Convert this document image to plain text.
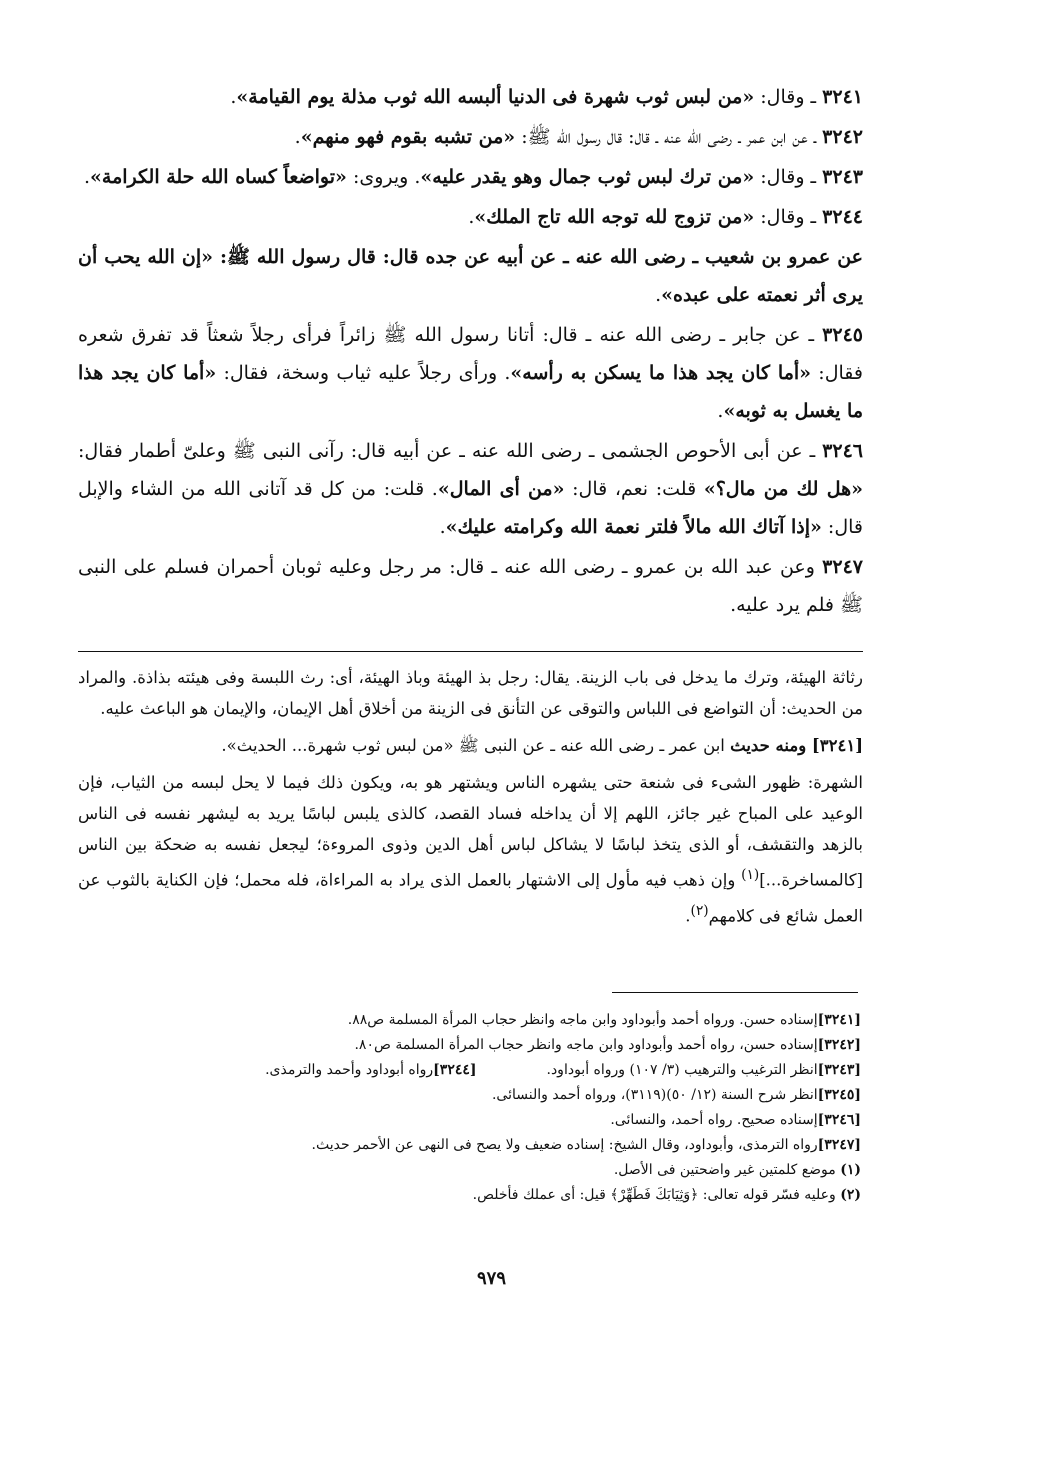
٣٢٤١ ـ وقال: «من لبس ثوب شهرة فى الدنيا ألبسه الله ثوب مذلة يوم القيامة».

٣٢٤٢ ـ عن ابن عمر ـ رضى الله عنه ـ قال: قال رسول الله ﷺ: «من تشبه بقوم فهو منهم».

٣٢٤٣ ـ وقال: «من ترك لبس ثوب جمال وهو يقدر عليه». ويروى: «تواضعاً كساه الله حلة الكرامة».

٣٢٤٤ ـ وقال: «من تزوج لله توجه الله تاج الملك».

عن عمرو بن شعيب ـ رضى الله عنه ـ عن أبيه عن جده قال: قال رسول الله ﷺ: «إن الله يحب أن يرى أثر نعمته على عبده».

٣٢٤٥ ـ عن جابر ـ رضى الله عنه ـ قال: أتانا رسول الله ﷺ زائراً فرأى رجلاً شعثاً قد تفرق شعره فقال: «أما كان يجد هذا ما يسكن به رأسه». ورأى رجلاً عليه ثياب وسخة، فقال: «أما كان يجد هذا ما يغسل به ثوبه».

٣٢٤٦ ـ عن أبى الأحوص الجشمى ـ رضى الله عنه ـ عن أبيه قال: رآنى النبى ﷺ وعلىّ أطمار فقال: «هل لك من مال؟» قلت: نعم، قال: «من أى المال». قلت: من كل قد آتانى الله من الشاء والإبل قال: «إذا آتاك الله مالاً فلتر نعمة الله وكرامته عليك».

٣٢٤٧ وعن عبد الله بن عمرو ـ رضى الله عنه ـ قال: مر رجل وعليه ثوبان أحمران فسلم على النبى ﷺ فلم يرد عليه.

رثاثة الهيئة، وترك ما يدخل فى باب الزينة. يقال: رجل بذ الهيئة وباذ الهيئة، أى: رث اللبسة وفى هيئته بذاذة. والمراد من الحديث: أن التواضع فى اللباس والتوقى عن التأنق فى الزينة من أخلاق أهل الإيمان، والإيمان هو الباعث عليه.

[٣٢٤١] ومنه حديث ابن عمر ـ رضى الله عنه ـ عن النبى ﷺ «من لبس ثوب شهرة... الحديث».

الشهرة: ظهور الشىء فى شنعة حتى يشهره الناس ويشتهر هو به، ويكون ذلك فيما لا يحل لبسه من الثياب، فإن الوعيد على المباح غير جائز، اللهم إلا أن يداخله فساد القصد، كالذى يلبس لباسًا يريد به ليشهر نفسه فى الناس بالزهد والتقشف، أو الذى يتخذ لباسًا لا يشاكل لباس أهل الدين وذوى المروءة؛ ليجعل نفسه به ضحكة بين الناس [كالمساخرة...]$^{(١)}$ وإن ذهب فيه مأول إلى الاشتهار بالعمل الذى يراد به المراءاة، فله محمل؛ فإن الكناية بالثوب عن العمل شائع فى كلامهم$^{(٢)}$.

[٣٢٤١]إسناده حسن. ورواه أحمد وأبوداود وابن ماجه وانظر حجاب المرأة المسلمة ص٨٨.
[٣٢٤٢]إسناده حسن، رواه أحمد وأبوداود وابن ماجه وانظر حجاب المرأة المسلمة ص٨٠.
[٣٢٤٣]انظر الترغيب والترهيب (٣/ ١٠٧) ورواه أبوداود.
[٣٢٤٤]رواه أبوداود وأحمد والترمذى.
[٣٢٤٥]انظر شرح السنة (١٢/ ٥٠)(٣١١٩)، ورواه أحمد والنسائى.
[٣٢٤٦]إسناده صحيح. رواه أحمد، والنسائى.
[٣٢٤٧]رواه الترمذى، وأبوداود، وقال الشيخ: إسناده ضعيف ولا يصح فى النهى عن الأحمر حديث.
(١) موضع كلمتين غير واضحتين فى الأصل.
(٢) وعليه فسّر قوله تعالى: ﴿وَثِيَابَكَ فَطَهِّرْ﴾ قيل: أى عملك فأخلص.
٩٧٩
